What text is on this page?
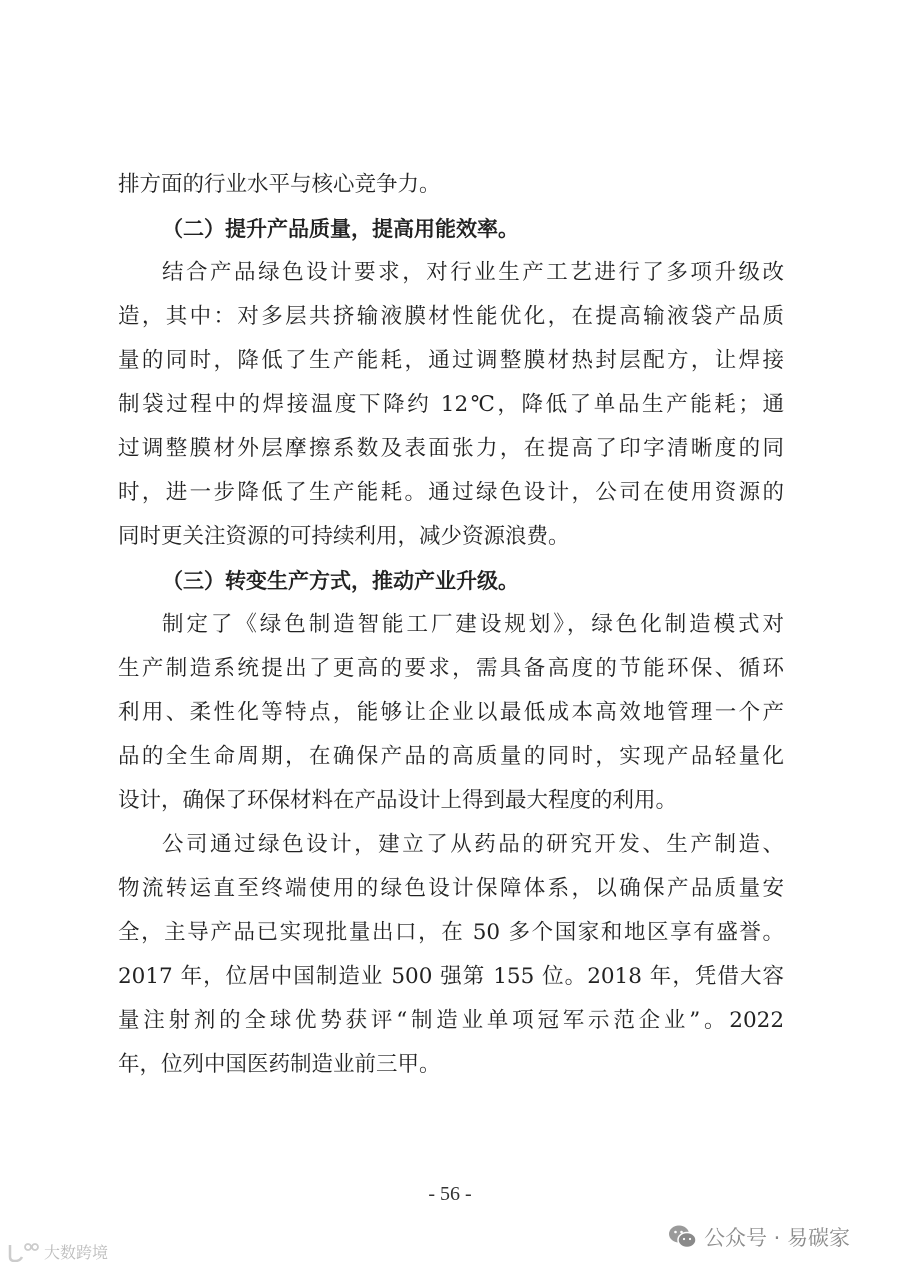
排方面的行业水平与核心竞争力。
（二）提升产品质量，提高用能效率。
结合产品绿色设计要求，对行业生产工艺进行了多项升级改
造，其中：对多层共挤输液膜材性能优化，在提高输液袋产品质
量的同时，降低了生产能耗，通过调整膜材热封层配方，让焊接
制袋过程中的焊接温度下降约 12℃，降低了单品生产能耗；通
过调整膜材外层摩擦系数及表面张力，在提高了印字清晰度的同
时，进一步降低了生产能耗。通过绿色设计，公司在使用资源的
同时更关注资源的可持续利用，减少资源浪费。
（三）转变生产方式，推动产业升级。
制定了《绿色制造智能工厂建设规划》，绿色化制造模式对
生产制造系统提出了更高的要求，需具备高度的节能环保、循环
利用、柔性化等特点，能够让企业以最低成本高效地管理一个产
品的全生命周期，在确保产品的高质量的同时，实现产品轻量化
设计，确保了环保材料在产品设计上得到最大程度的利用。
公司通过绿色设计，建立了从药品的研究开发、生产制造、
物流转运直至终端使用的绿色设计保障体系，以确保产品质量安
全，主导产品已实现批量出口，在 50 多个国家和地区享有盛誉。
2017 年，位居中国制造业 500 强第 155 位。2018 年，凭借大容
量注射剂的全球优势获评“制造业单项冠军示范企业”。2022
年，位列中国医药制造业前三甲。
- 56 -
公众号 · 易碳家
大数跨境
